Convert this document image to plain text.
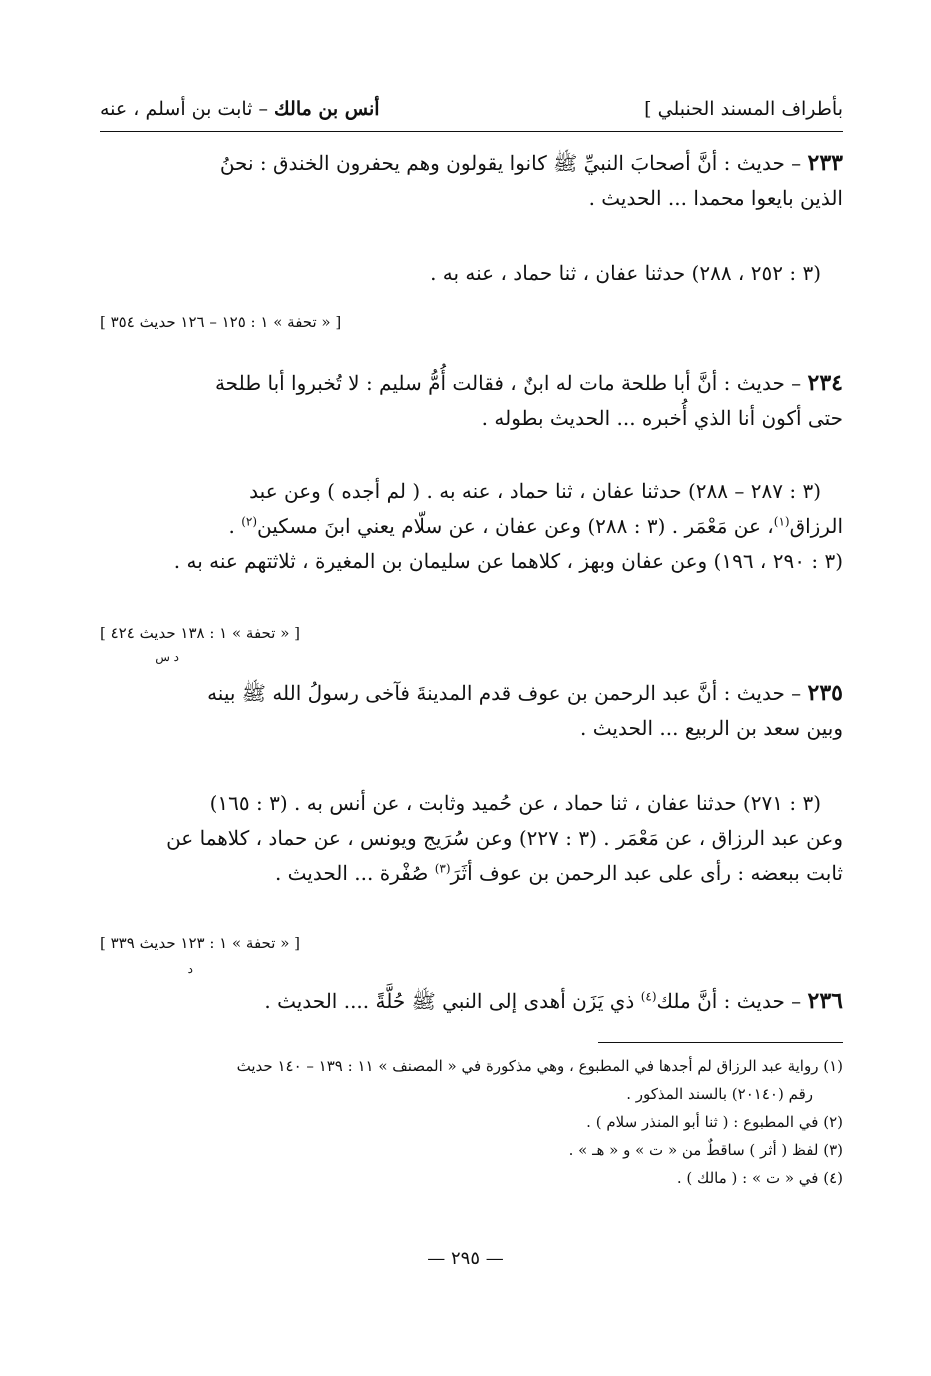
بأطراف المسند الحنبلي ]
أنس بن مالك – ثابت بن أسلم ، عنه
٢٣٣ – حديث : أنَّ أصحابَ النبيِّ ﷺ كانوا يقولون وهم يحفرون الخندق : نحنُ
الذين بايعوا محمدا ... الحديث .
(٣ : ٢٥٢ ، ٢٨٨) حدثنا عفان ، ثنا حماد ، عنه به .
[ « تحفة » ١ : ١٢٥ – ١٢٦ حديث ٣٥٤ ]
٢٣٤ – حديث : أنَّ أبا طلحة مات له ابنٌ ، فقالت أُمُّ سليم : لا تُخبروا أبا طلحة
حتى أكون أنا الذي أُخبره ... الحديث بطوله .
(٣ : ٢٨٧ – ٢٨٨) حدثنا عفان ، ثنا حماد ، عنه به . ( لم أجده ) وعن عبد
الرزاق$^{(١)}$، عن مَعْمَر . (٣ : ٢٨٨) وعن عفان ، عن سلّام يعني ابنَ مسكين$^{(٢)}$ .
(٣ : ٢٩٠ ، ١٩٦) وعن عفان وبهز ، كلاهما عن سليمان بن المغيرة ، ثلاثتهم عنه به .
[ « تحفة » ١ : ١٣٨ حديث ٤٢٤ ]
د س
٢٣٥ – حديث : أنَّ عبد الرحمن بن عوف قدم المدينةَ فآخى رسولُ الله ﷺ بينه
وبين سعد بن الربيع ... الحديث .
(٣ : ٢٧١) حدثنا عفان ، ثنا حماد ، عن حُميد وثابت ، عن أنس به . (٣ : ١٦٥)
وعن عبد الرزاق ، عن مَعْمَر . (٣ : ٢٢٧) وعن سُرَيج ويونس ، عن حماد ، كلاهما عن
ثابت ببعضه : رأى على عبد الرحمن بن عوف أثَرَ$^{(٣)}$ صُفْرة ... الحديث .
[ « تحفة » ١ : ١٢٣ حديث ٣٣٩ ]
د
٢٣٦ – حديث : أنَّ ملك$^{(٤)}$ ذي يَزَن أهدى إلى النبي ﷺ حُلَّةً .... الحديث .
(١) رواية عبد الرزاق لم أجدها في المطبوع ، وهي مذكورة في « المصنف » ١١ : ١٣٩ – ١٤٠ حديث
رقم (٢٠١٤٠) بالسند المذكور .
(٢) في المطبوع : ( ثنا أبو المنذر سلام ) .
(٣) لفظ ( أثر ) ساقطٌ من « ت » و « هـ » .
(٤) في « ت » : ( مالك ) .
— ٢٩٥ —
